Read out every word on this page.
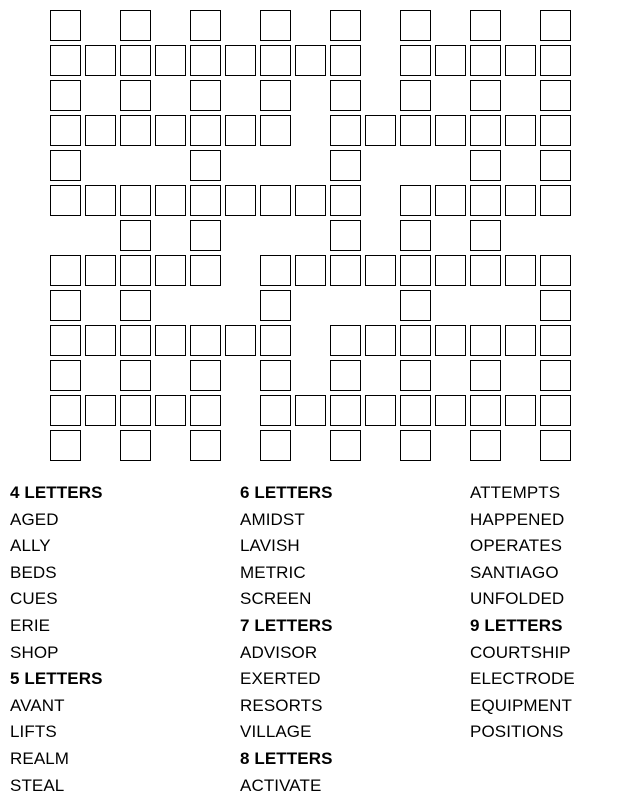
4 LETTERS
AGED
ALLY
BEDS
CUES
ERIE
SHOP
5 LETTERS
AVANT
LIFTS
REALM
STEAL
6 LETTERS
AMIDST
LAVISH
METRIC
SCREEN
7 LETTERS
ADVISOR
EXERTED
RESORTS
VILLAGE
8 LETTERS
ACTIVATE
ATTEMPTS
HAPPENED
OPERATES
SANTIAGO
UNFOLDED
9 LETTERS
COURTSHIP
ELECTRODE
EQUIPMENT
POSITIONS
